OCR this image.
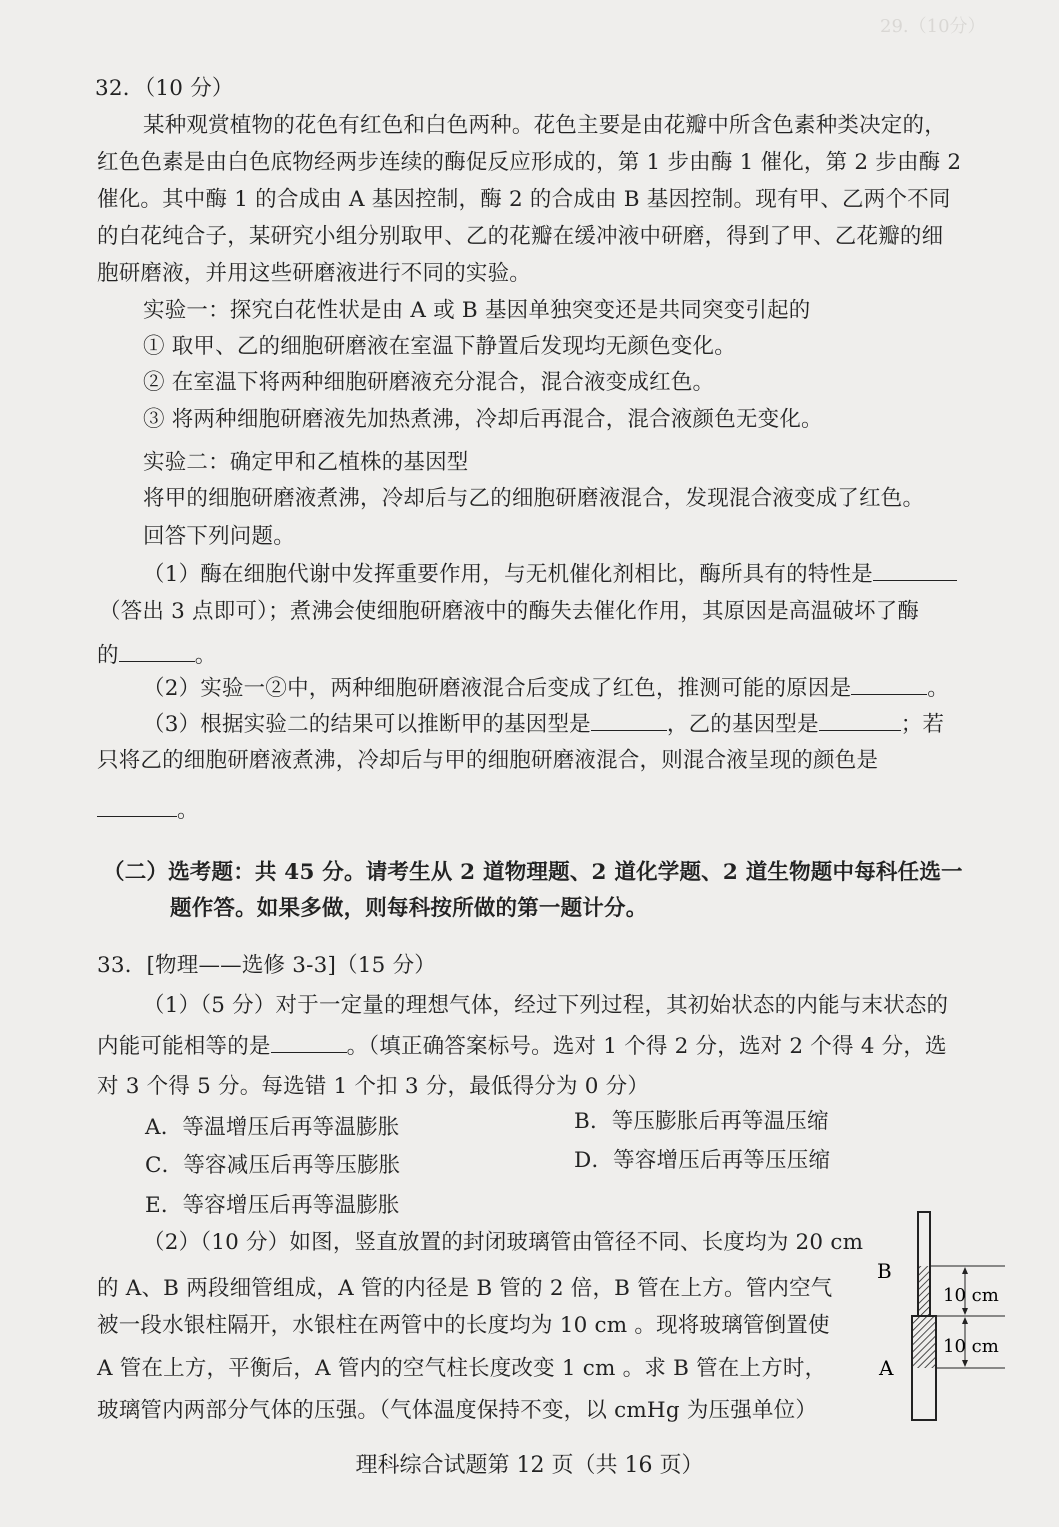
29.（10分）
32．（10 分）
某种观赏植物的花色有红色和白色两种。花色主要是由花瓣中所含色素种类决定的，
红色色素是由白色底物经两步连续的酶促反应形成的，第 1 步由酶 1 催化，第 2 步由酶 2
催化。其中酶 1 的合成由 A 基因控制，酶 2 的合成由 B 基因控制。现有甲、乙两个不同
的白花纯合子，某研究小组分别取甲、乙的花瓣在缓冲液中研磨，得到了甲、乙花瓣的细
胞研磨液，并用这些研磨液进行不同的实验。
实验一：探究白花性状是由 A 或 B 基因单独突变还是共同突变引起的
① 取甲、乙的细胞研磨液在室温下静置后发现均无颜色变化。
② 在室温下将两种细胞研磨液充分混合，混合液变成红色。
③ 将两种细胞研磨液先加热煮沸，冷却后再混合，混合液颜色无变化。
实验二：确定甲和乙植株的基因型
将甲的细胞研磨液煮沸，冷却后与乙的细胞研磨液混合，发现混合液变成了红色。
回答下列问题。
（1）酶在细胞代谢中发挥重要作用，与无机催化剂相比，酶所具有的特性是
（答出 3 点即可）；煮沸会使细胞研磨液中的酶失去催化作用，其原因是高温破坏了酶
的	。
（2）实验一②中，两种细胞研磨液混合后变成了红色，推测可能的原因是	。
（3）根据实验二的结果可以推断甲的基因型是	，乙的基因型是	；若
只将乙的细胞研磨液煮沸，冷却后与甲的细胞研磨液混合，则混合液呈现的颜色是
。
（二）选考题：共 45 分。请考生从 2 道物理题、2 道化学题、2 道生物题中每科任选一
题作答。如果多做，则每科按所做的第一题计分。
33．[物理——选修 3-3]（15 分）
（1）（5 分）对于一定量的理想气体，经过下列过程，其初始状态的内能与末状态的
内能可能相等的是	。（填正确答案标号。选对 1 个得 2 分，选对 2 个得 4 分，选
对 3 个得 5 分。每选错 1 个扣 3 分，最低得分为 0 分）
A．等温增压后再等温膨胀	B．等压膨胀后再等温压缩
C．等容减压后再等压膨胀	D．等容增压后再等压压缩
E．等容增压后再等温膨胀
（2）（10 分）如图，竖直放置的封闭玻璃管由管径不同、长度均为 20 cm
的 A、B 两段细管组成，A 管的内径是 B 管的 2 倍，B 管在上方。管内空气
被一段水银柱隔开，水银柱在两管中的长度均为 10 cm 。现将玻璃管倒置使
A 管在上方，平衡后，A 管内的空气柱长度改变 1 cm 。求 B 管在上方时，
玻璃管内两部分气体的压强。（气体温度保持不变，以 cmHg 为压强单位）
B
A
10 cm
10 cm
理科综合试题第 12 页（共 16 页）
